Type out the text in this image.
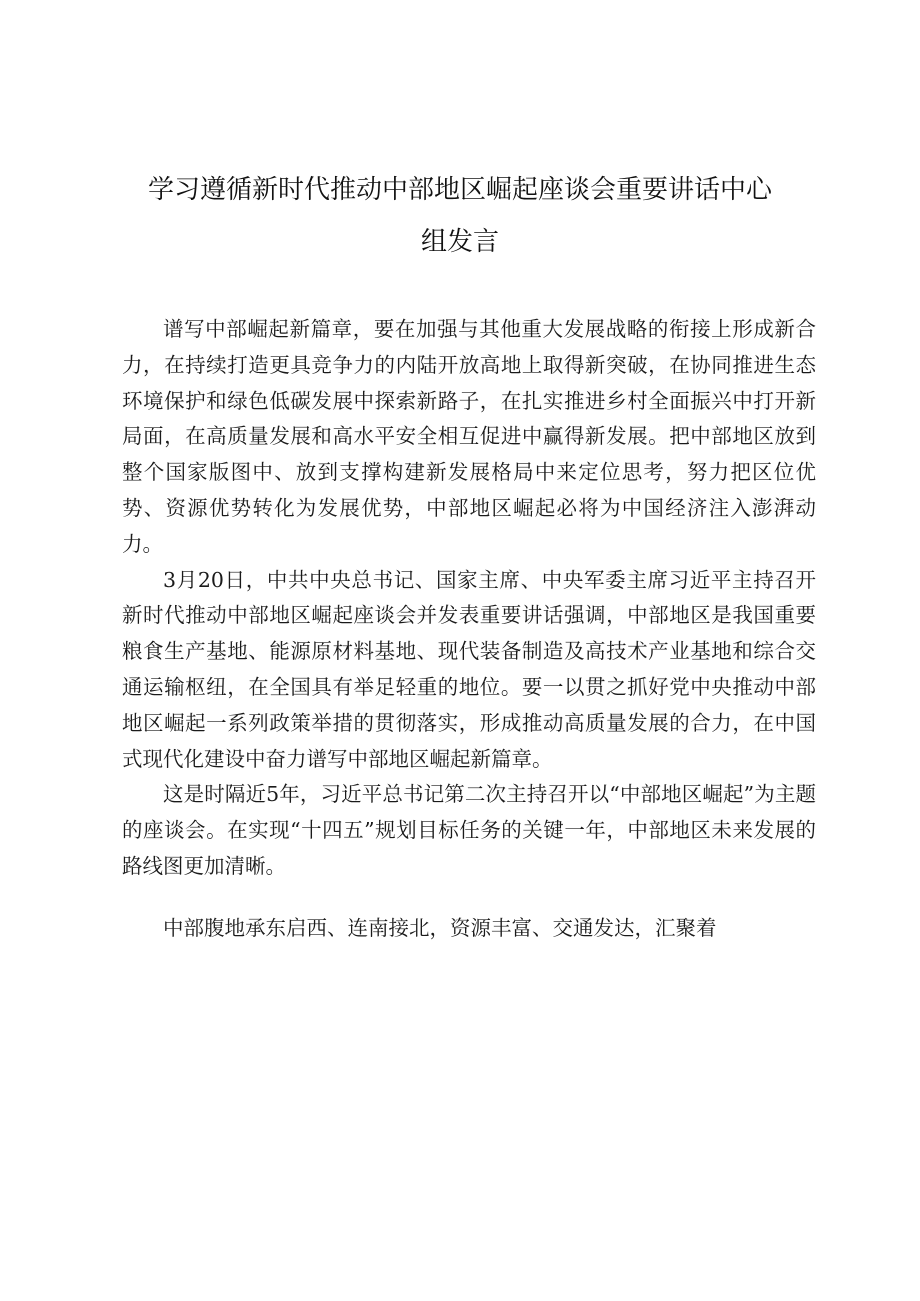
学习遵循新时代推动中部地区崛起座谈会重要讲话中心
组发言

谱写中部崛起新篇章，要在加强与其他重大发展战略的衔接上形成新合力，在持续打造更具竞争力的内陆开放高地上取得新突破，在协同推进生态环境保护和绿色低碳发展中探索新路子，在扎实推进乡村全面振兴中打开新局面，在高质量发展和高水平安全相互促进中赢得新发展。把中部地区放到整个国家版图中、放到支撑构建新发展格局中来定位思考，努力把区位优势、资源优势转化为发展优势，中部地区崛起必将为中国经济注入澎湃动力。

3月20日，中共中央总书记、国家主席、中央军委主席习近平主持召开新时代推动中部地区崛起座谈会并发表重要讲话强调，中部地区是我国重要粮食生产基地、能源原材料基地、现代装备制造及高技术产业基地和综合交通运输枢纽，在全国具有举足轻重的地位。要一以贯之抓好党中央推动中部地区崛起一系列政策举措的贯彻落实，形成推动高质量发展的合力，在中国式现代化建设中奋力谱写中部地区崛起新篇章。

这是时隔近5年，习近平总书记第二次主持召开以“中部地区崛起”为主题的座谈会。在实现“十四五”规划目标任务的关键一年，中部地区未来发展的路线图更加清晰。

中部腹地承东启西、连南接北，资源丰富、交通发达，汇聚着
